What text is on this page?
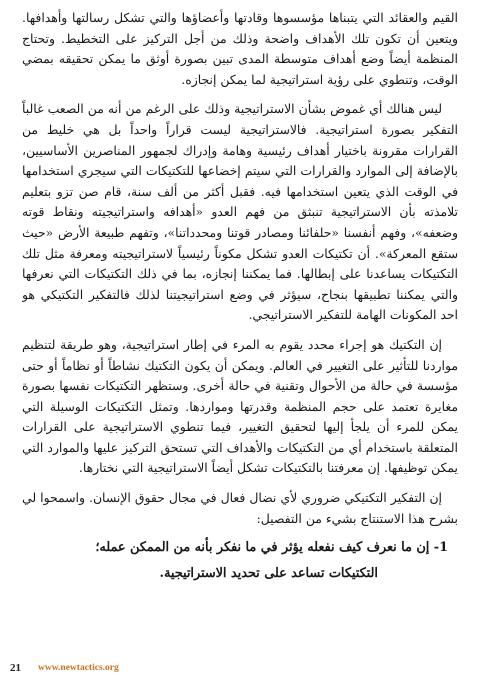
القيم والعقائد التي يتبناها مؤسسوها وقادتها وأعضاؤها والتي تشكل رسالتها وأهدافها. ويتعين أن تكون تلك الأهداف واضحة وذلك من أجل التركيز على التخطيط. وتحتاج المنظمة أيضاً وضع أهداف متوسطة المدى تبين بصورة أوثق ما يمكن تحقيقه بمضي الوقت، وتنطوي على رؤية استراتيجية لما يمكن إنجازه.

ليس هنالك أي غموض بشأن الاستراتيجية وذلك على الرغم من أنه من الصعب غالباً التفكير بصورة استراتيجية. فالاستراتيجية ليست قراراً واحداً بل هي خليط من القرارات مقرونة باختيار أهداف رئيسية وهامة وإدراك لجمهور المناصرين الأساسيين، بالإضافة إلى الموارد والقرارات التي سيتم إخضاعها للتكتيكات التي سيجري استخدامها في الوقت الذي يتعين استخدامها فيه. فقبل أكثر من ألف سنة، قام صن تزو بتعليم تلامذته بأن الاستراتيجية تنبثق من فهم العدو «أهدافه واستراتيجيته ونقاط قوته وضعفه»، وفهم أنفسنا «حلفائنا ومصادر قوتنا ومحدداتنا»، وتفهم طبيعة الأرض «حيث ستقع المعركة». أن تكتيكات العدو تشكل مكوناً رئيسياً لاستراتيجيته ومعرفة مثل تلك التكتيكات يساعدنا على إبطالها. فما يمكننا إنجازه، بما في ذلك التكتيكات التي نعرفها والتي يمكننا تطبيقها بنجاح، سيؤثر في وضع استراتيجيتنا لذلك فالتفكير التكتيكي هو احد المكونات الهامة للتفكير الاستراتيجي.

إن التكتيك هو إجراء محدد يقوم به المرء في إطار استراتيجية، وهو طريقة لتنظيم مواردنا للتأثير على التغيير في العالم. ويمكن أن يكون التكتيك نشاطاً أو نظاماً أو حتى مؤسسة في حالة من الأحوال وتقنية في حالة أخرى. وستظهر التكتيكات نفسها بصورة مغايرة تعتمد على حجم المنظمة وقدرتها ومواردها. وتمثل التكتيكات الوسيلة التي يمكن للمرء أن يلجأ إليها لتحقيق التغيير، فيما تنطوي الاستراتيجية على القرارات المتعلقة باستخدام أي من التكتيكات والأهداف التي تستحق التركيز عليها والموارد التي يمكن توظيفها. إن معرفتنا بالتكتيكات تشكل أيضاً الاستراتيجية التي نختارها.

إن التفكير التكتيكي ضروري لأي نضال فعال في مجال حقوق الإنسان. واسمحوا لي بشرح هذا الاستنتاج بشيء من التفصيل:

1- إن ما نعرف كيف نفعله يؤثر في ما نفكر بأنه من الممكن عمله؛

التكتيكات تساعد على تحديد الاستراتيجية.

21 www.newtactics.org
